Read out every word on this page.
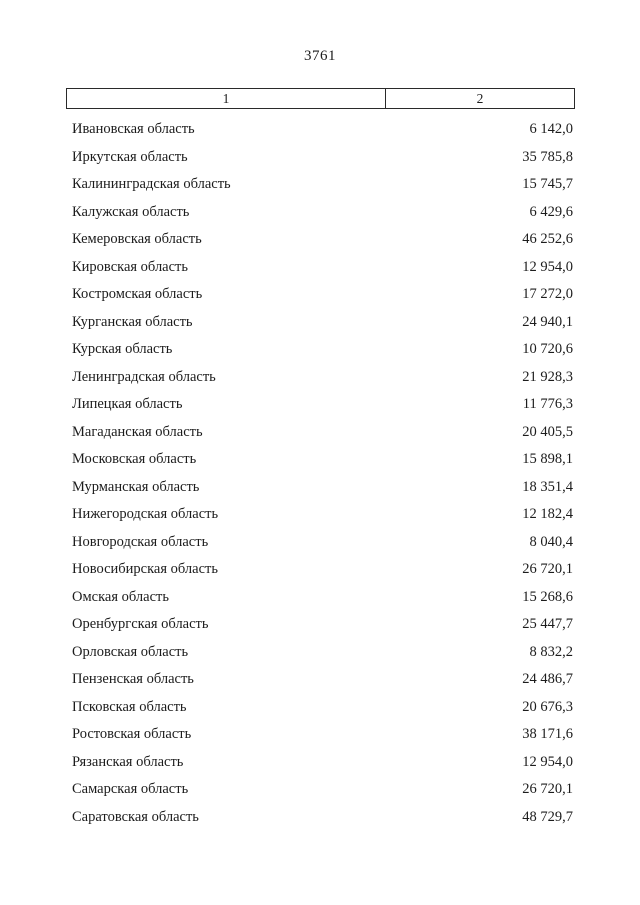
3761
1	2
Ивановская область	6 142,0
Иркутская область	35 785,8
Калининградская область	15 745,7
Калужская область	6 429,6
Кемеровская область	46 252,6
Кировская область	12 954,0
Костромская область	17 272,0
Курганская область	24 940,1
Курская область	10 720,6
Ленинградская область	21 928,3
Липецкая область	11 776,3
Магаданская область	20 405,5
Московская область	15 898,1
Мурманская область	18 351,4
Нижегородская область	12 182,4
Новгородская область	8 040,4
Новосибирская область	26 720,1
Омская область	15 268,6
Оренбургская область	25 447,7
Орловская область	8 832,2
Пензенская область	24 486,7
Псковская область	20 676,3
Ростовская область	38 171,6
Рязанская область	12 954,0
Самарская область	26 720,1
Саратовская область	48 729,7
